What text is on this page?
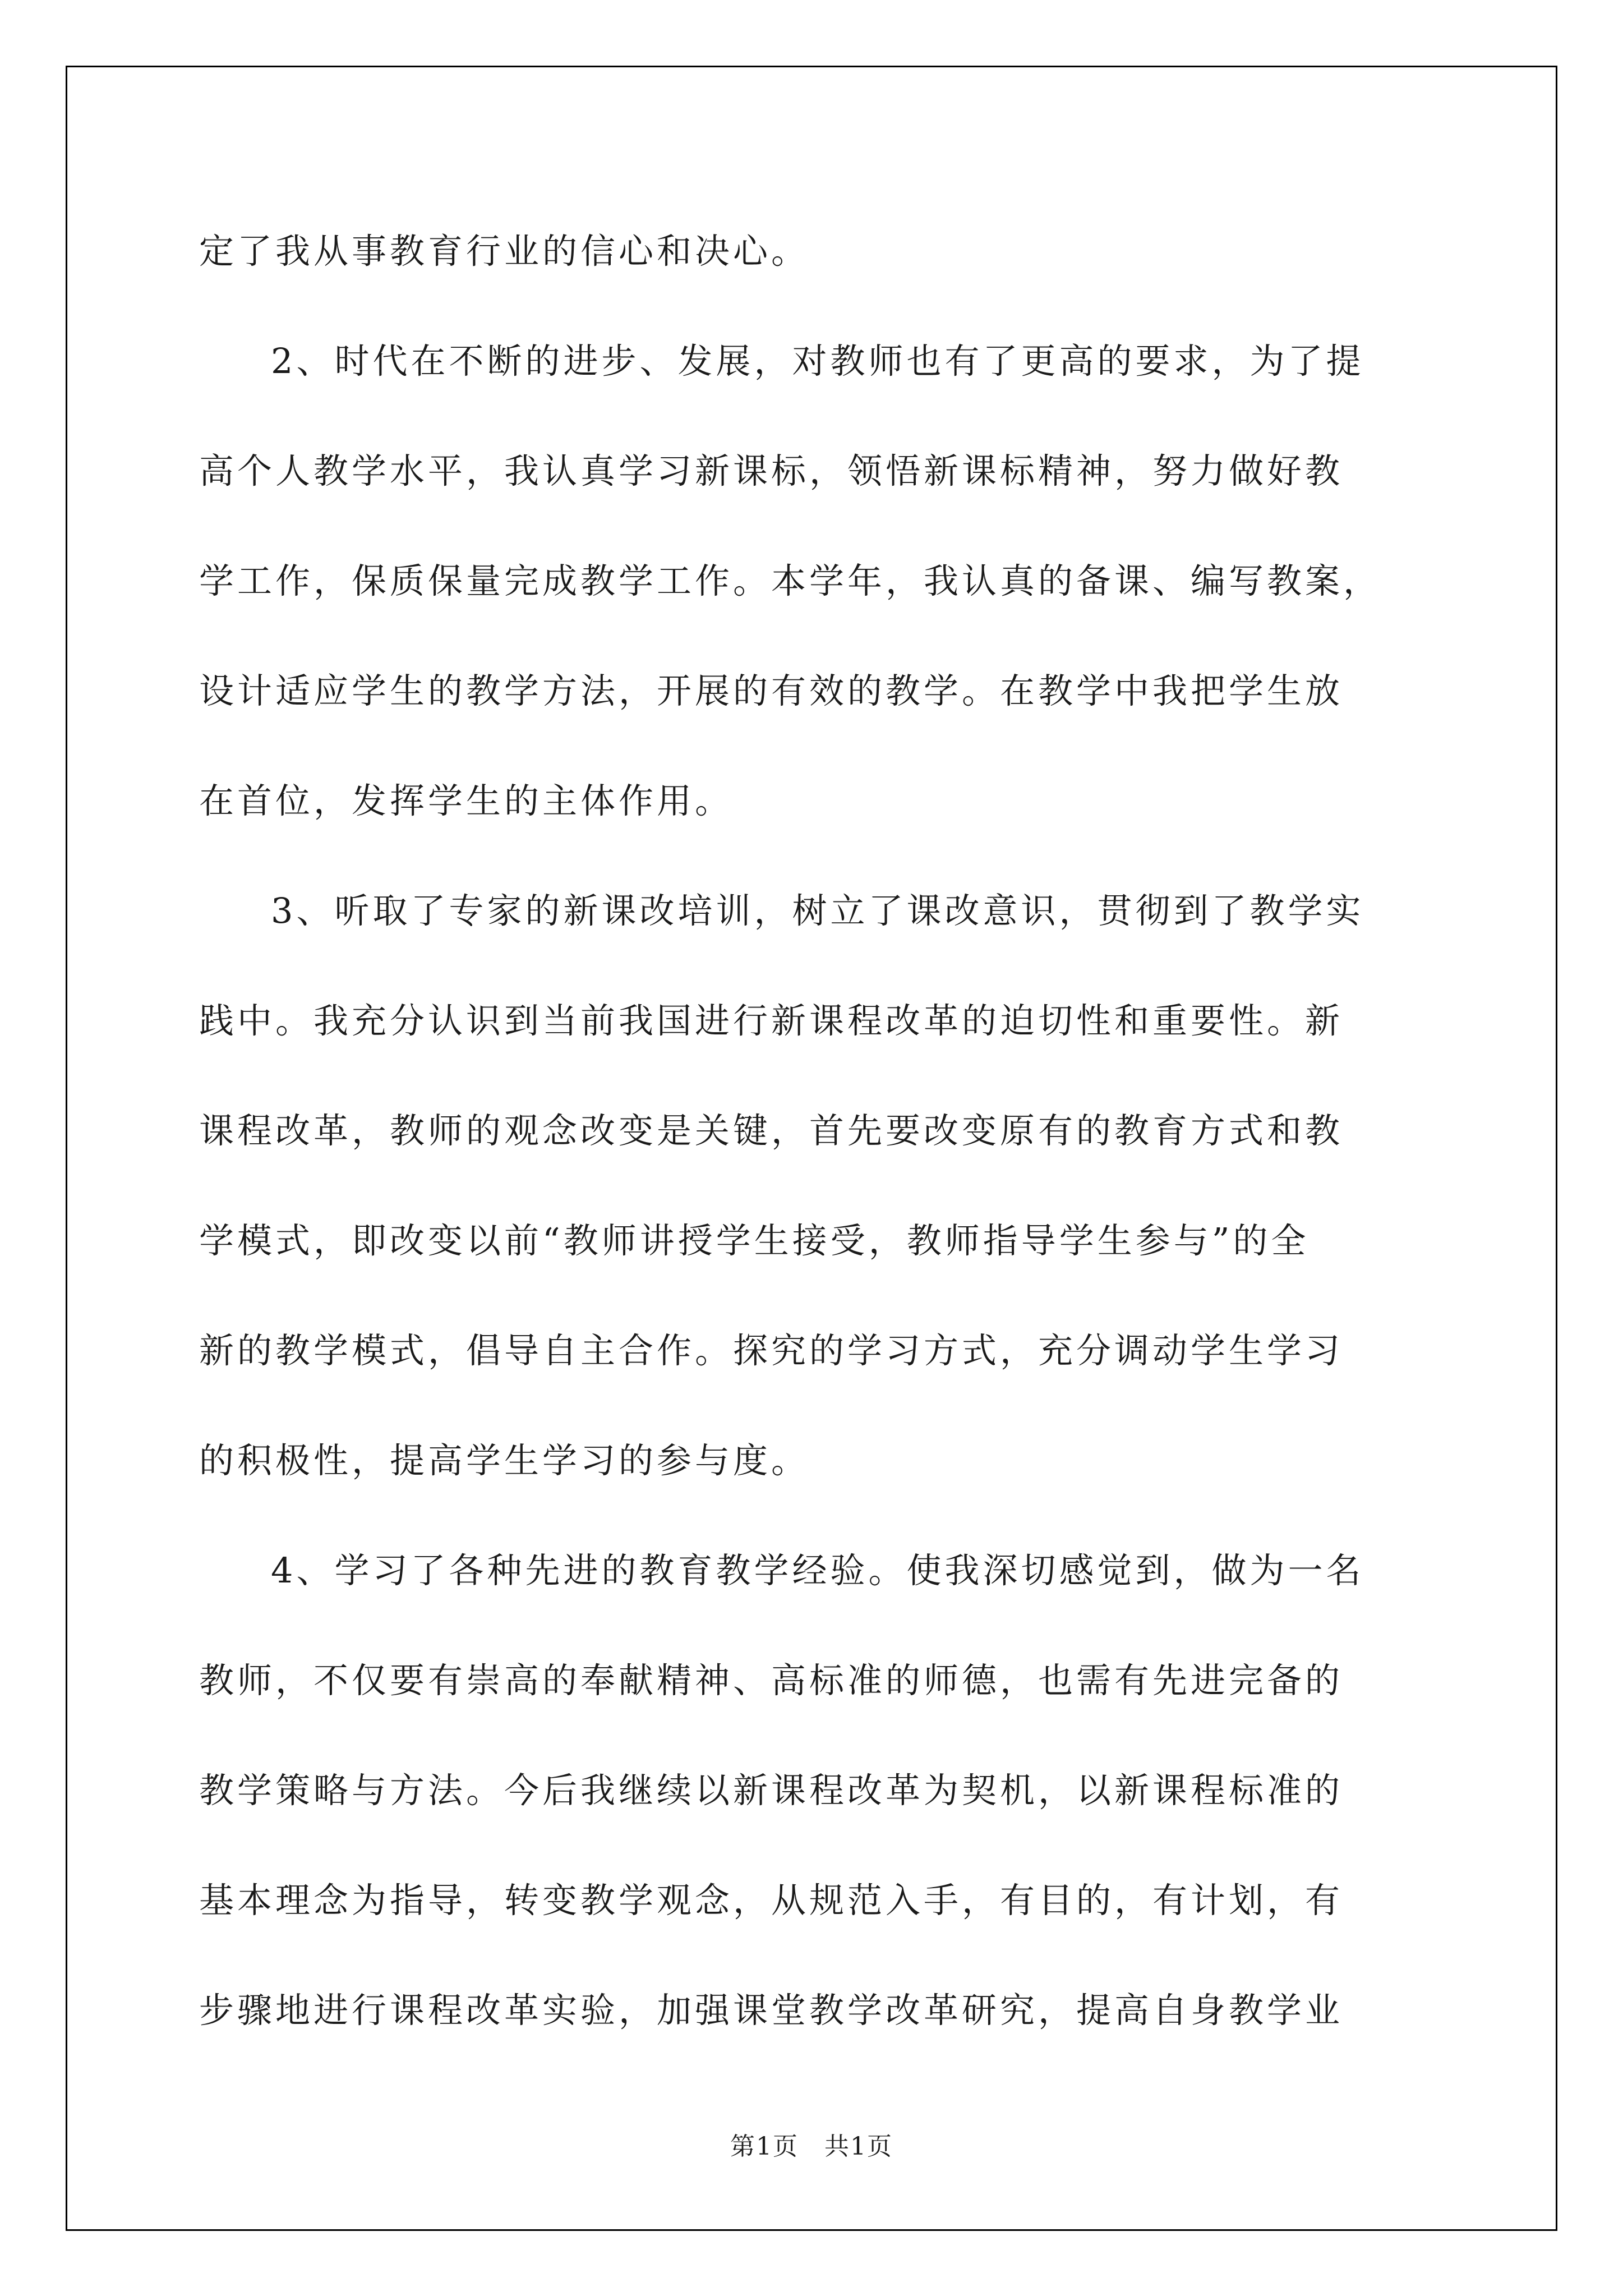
定了我从事教育行业的信心和决心。
2、时代在不断的进步、发展，对教师也有了更高的要求，为了提
高个人教学水平，我认真学习新课标，领悟新课标精神，努力做好教
学工作，保质保量完成教学工作。本学年，我认真的备课、编写教案，
设计适应学生的教学方法，开展的有效的教学。在教学中我把学生放
在首位，发挥学生的主体作用。
3、听取了专家的新课改培训，树立了课改意识，贯彻到了教学实
践中。我充分认识到当前我国进行新课程改革的迫切性和重要性。新
课程改革，教师的观念改变是关键，首先要改变原有的教育方式和教
学模式，即改变以前“教师讲授学生接受，教师指导学生参与”的全
新的教学模式，倡导自主合作。探究的学习方式，充分调动学生学习
的积极性，提高学生学习的参与度。
4、学习了各种先进的教育教学经验。使我深切感觉到，做为一名
教师，不仅要有崇高的奉献精神、高标准的师德，也需有先进完备的
教学策略与方法。今后我继续以新课程改革为契机，以新课程标准的
基本理念为指导，转变教学观念，从规范入手，有目的，有计划，有
步骤地进行课程改革实验，加强课堂教学改革研究，提高自身教学业
第1页　共1页
